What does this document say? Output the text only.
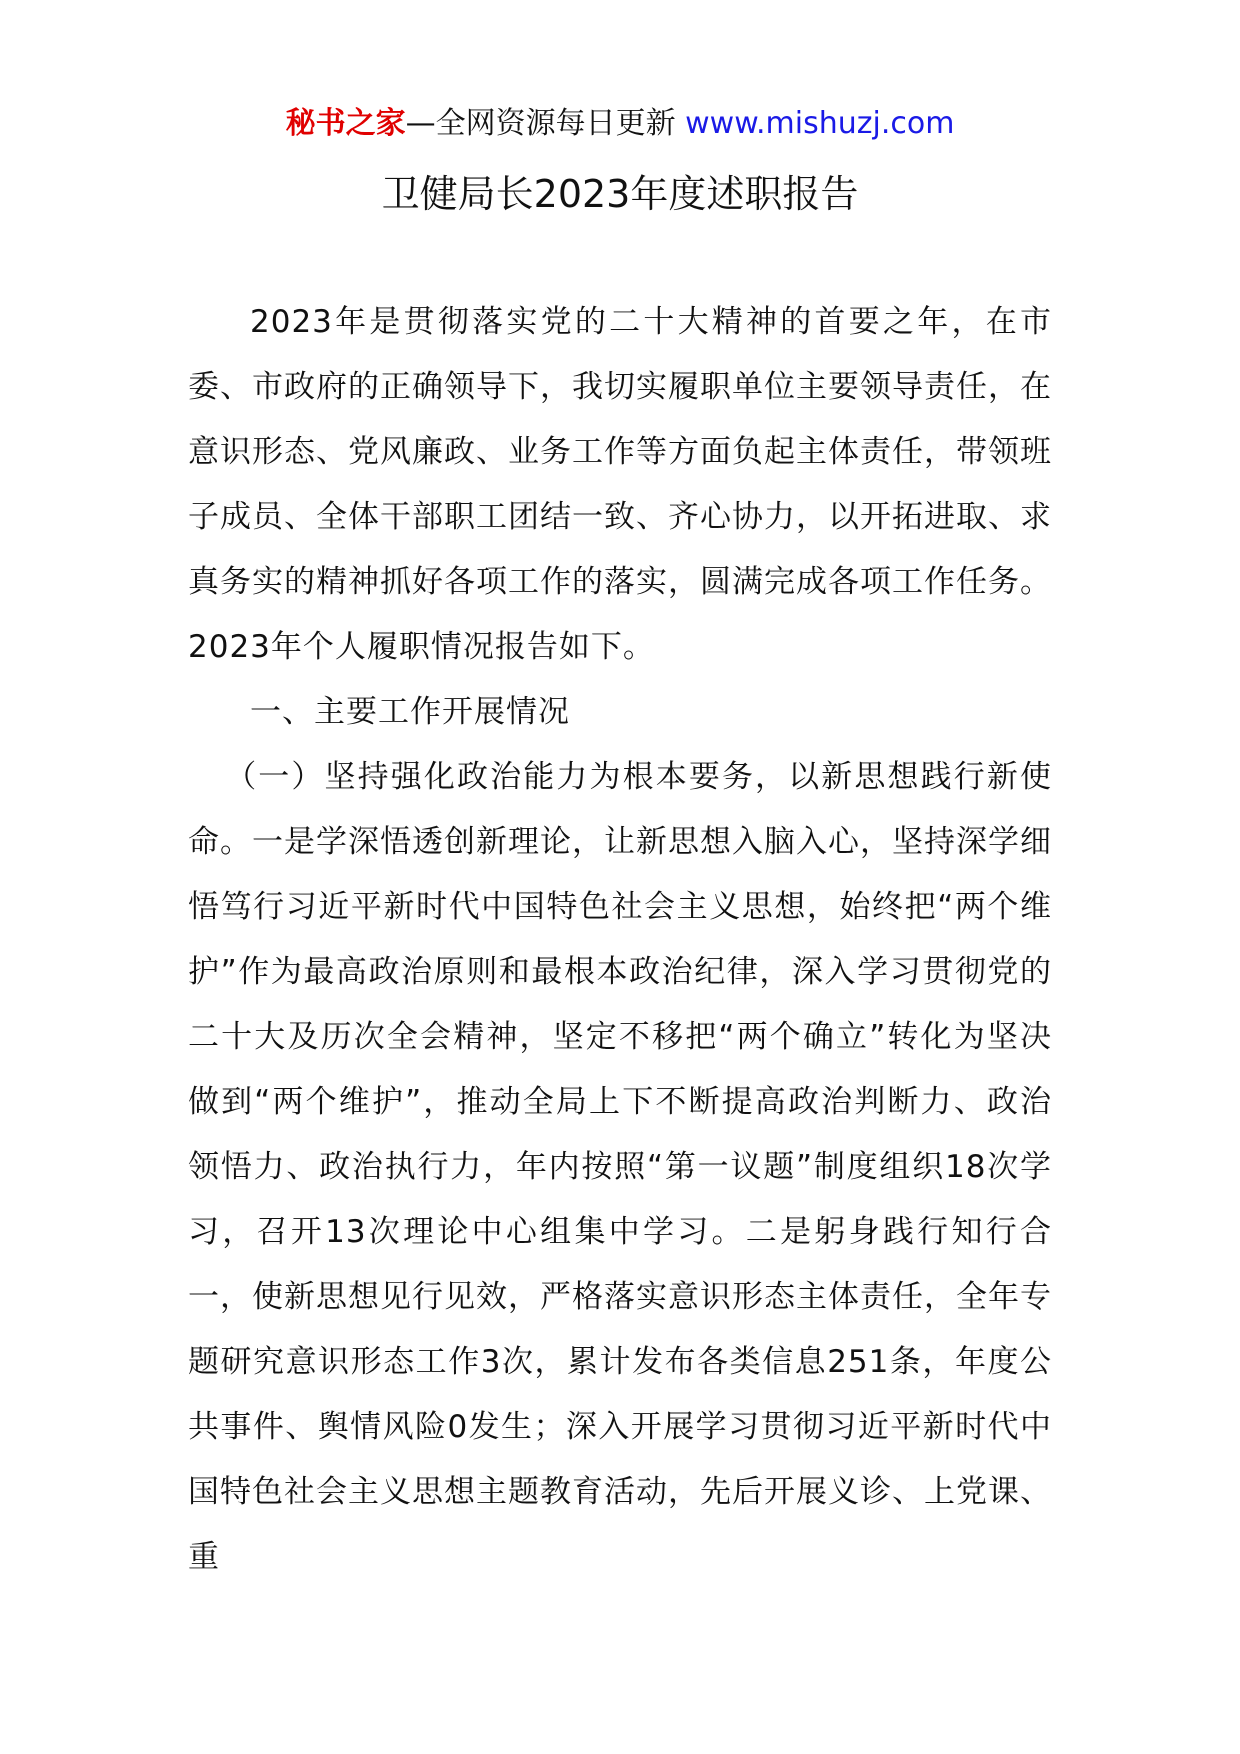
秘书之家—全网资源每日更新 www.mishuzj.com
卫健局长2023年度述职报告

2023年是贯彻落实党的二十大精神的首要之年，在市委、市政府的正确领导下，我切实履职单位主要领导责任，在意识形态、党风廉政、业务工作等方面负起主体责任，带领班子成员、全体干部职工团结一致、齐心协力，以开拓进取、求真务实的精神抓好各项工作的落实，圆满完成各项工作任务。2023年个人履职情况报告如下。

一、主要工作开展情况

（一）坚持强化政治能力为根本要务，以新思想践行新使命。一是学深悟透创新理论，让新思想入脑入心，坚持深学细悟笃行习近平新时代中国特色社会主义思想，始终把“两个维护”作为最高政治原则和最根本政治纪律，深入学习贯彻党的二十大及历次全会精神，坚定不移把“两个确立”转化为坚决做到“两个维护”，推动全局上下不断提高政治判断力、政治领悟力、政治执行力，年内按照“第一议题”制度组织18次学习，召开13次理论中心组集中学习。二是躬身践行知行合一，使新思想见行见效，严格落实意识形态主体责任，全年专题研究意识形态工作3次，累计发布各类信息251条，年度公共事件、舆情风险0发生；深入开展学习贯彻习近平新时代中国特色社会主义思想主题教育活动，先后开展义诊、上党课、重
